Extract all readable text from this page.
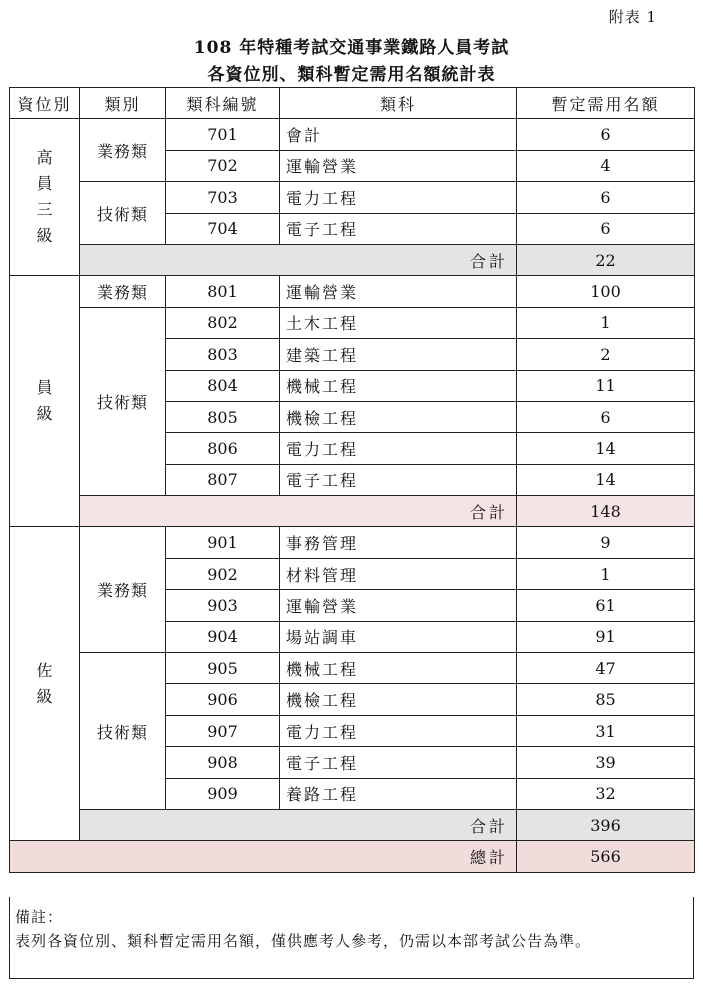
附表 1
108 年特種考試交通事業鐵路人員考試
各資位別、類科暫定需用名額統計表
資位別	類別	類科編號	類科	暫定需用名額

高
員
三
級	業務類	701	會計	6
		702	運輸營業	4
	技術類	703	電力工程	6
		704	電子工程	6
	合計			22

員
級	業務類	801	運輸營業	100
	技術類	802	土木工程	1
		803	建築工程	2
		804	機械工程	11
		805	機檢工程	6
		806	電力工程	14
		807	電子工程	14
	合計			148

佐
級	業務類	901	事務管理	9
		902	材料管理	1
		903	運輸營業	61
		904	場站調車	91
	技術類	905	機械工程	47
		906	機檢工程	85
		907	電力工程	31
		908	電子工程	39
		909	養路工程	32
	合計			396
總計				566
備註：
表列各資位別、類科暫定需用名額，僅供應考人參考，仍需以本部考試公告為準。
